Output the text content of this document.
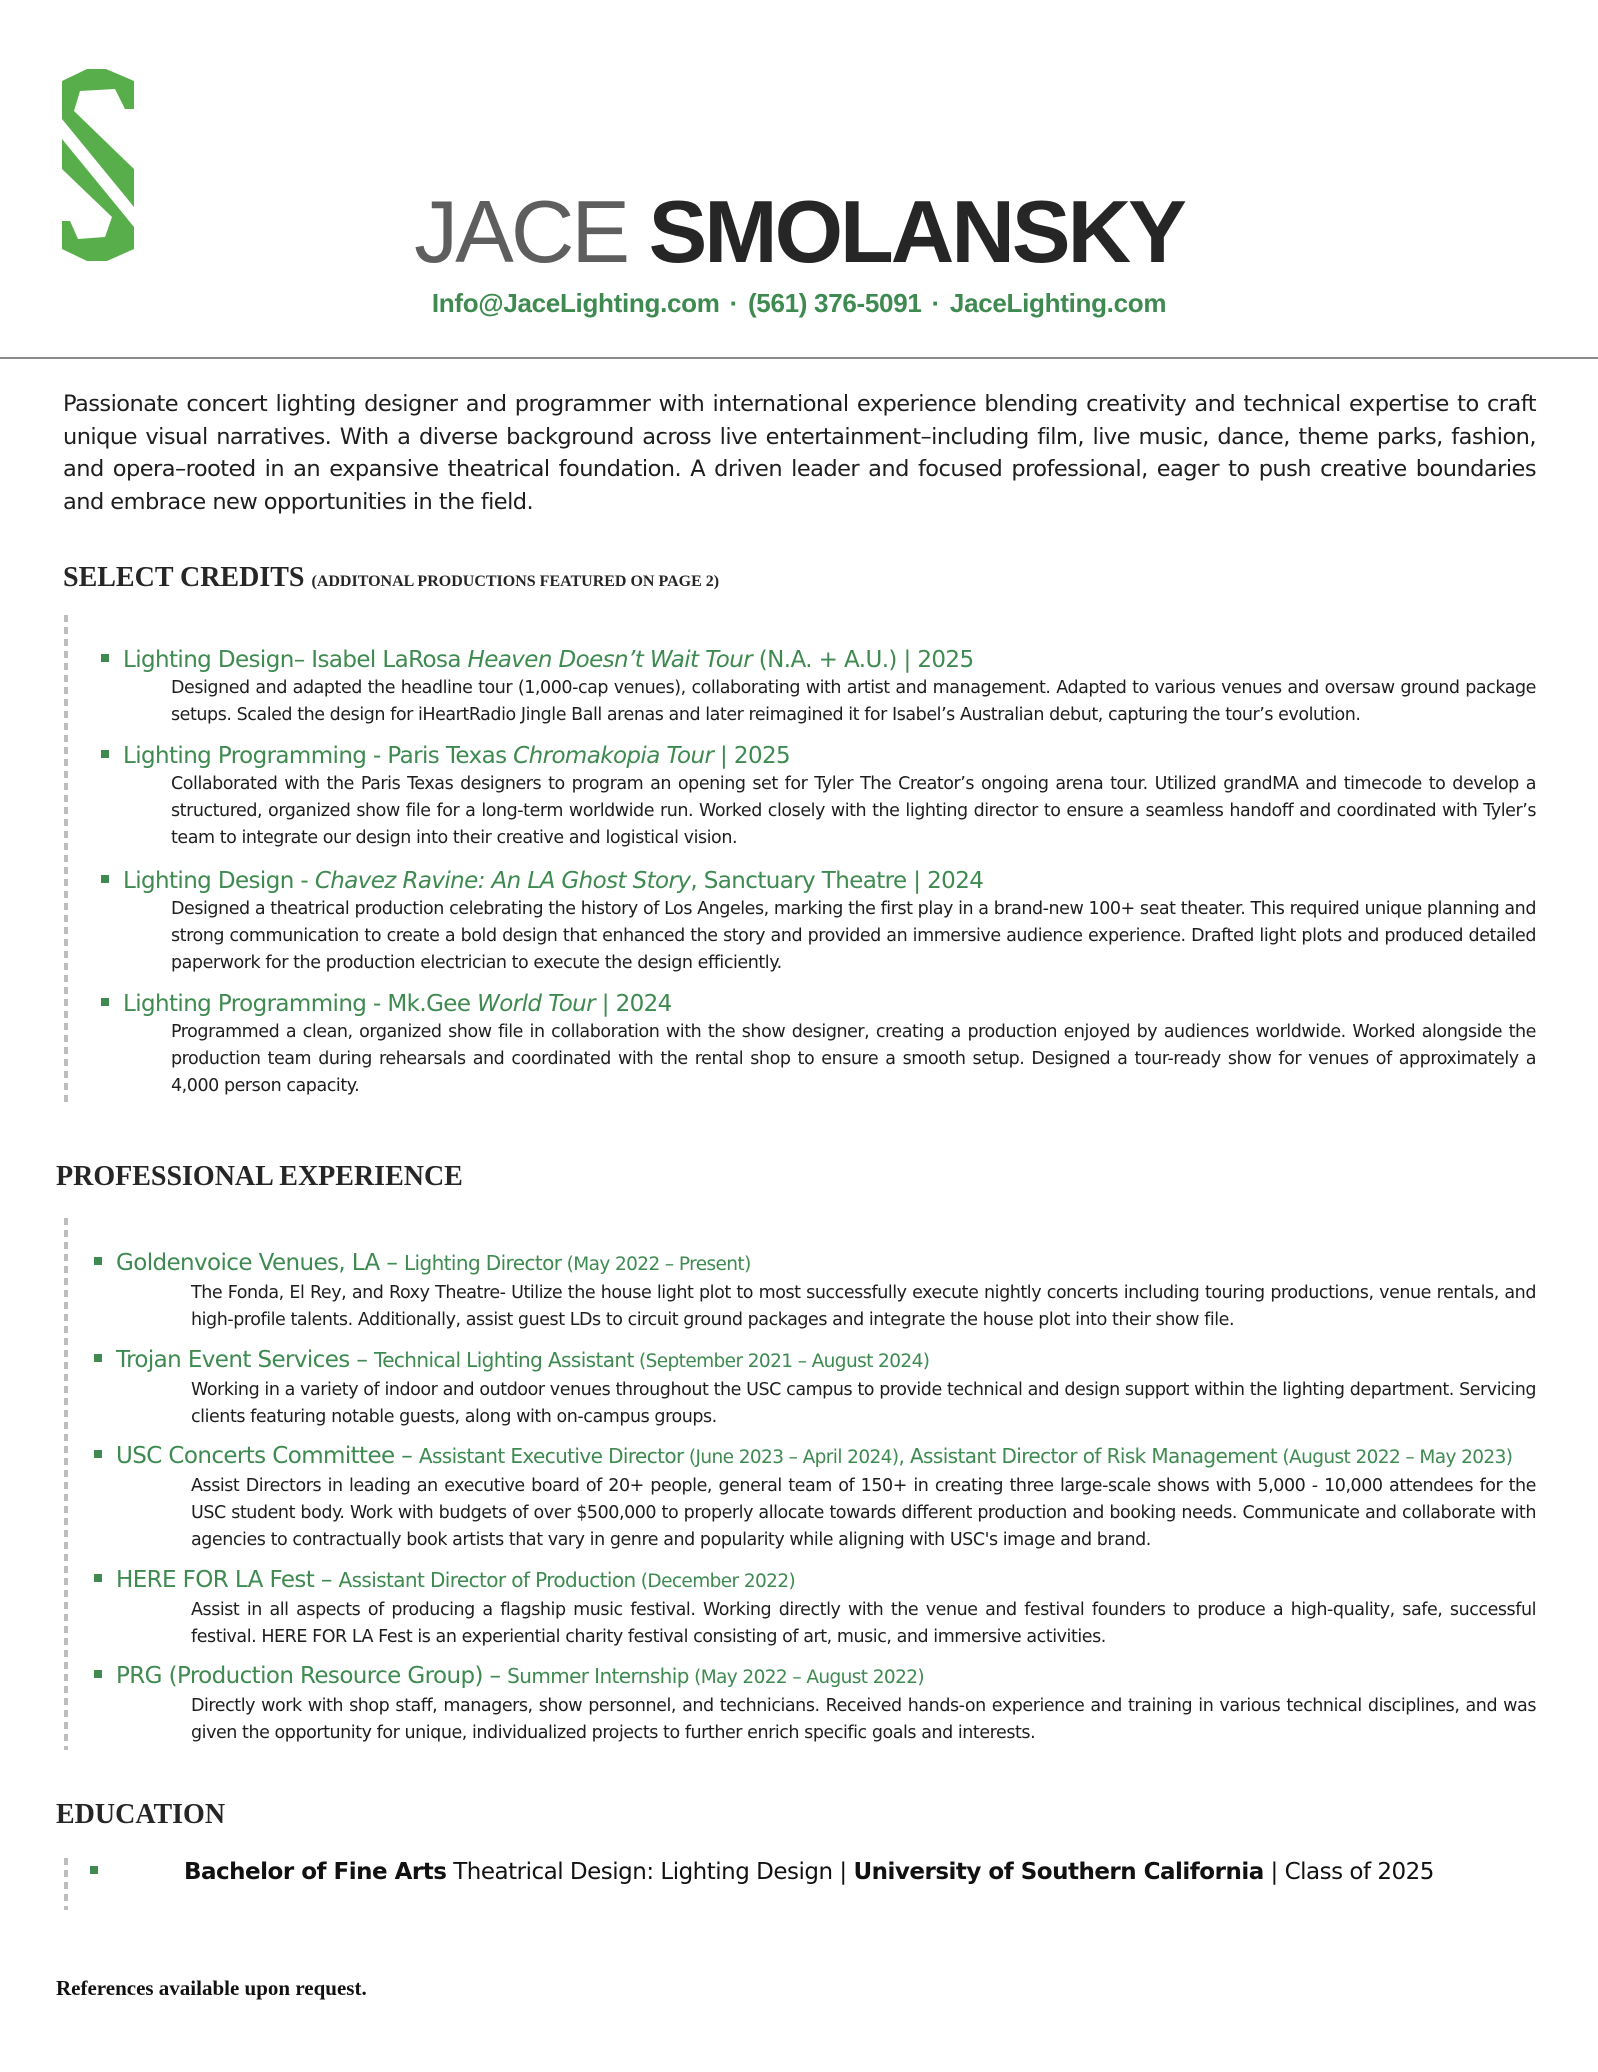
JACE SMOLANSKY
Info@JaceLighting.com · (561) 376-5091 · JaceLighting.com
Passionate concert lighting designer and programmer with international experience blending creativity and technical expertise to craft unique visual narratives. With a diverse background across live entertainment–including film, live music, dance, theme parks, fashion, and opera–rooted in an expansive theatrical foundation. A driven leader and focused professional, eager to push creative boundaries and embrace new opportunities in the field.
SELECT CREDITS (ADDITONAL PRODUCTIONS FEATURED ON PAGE 2)
Lighting Design– Isabel LaRosa Heaven Doesn’t Wait Tour (N.A. + A.U.) | 2025
Designed and adapted the headline tour (1,000-cap venues), collaborating with artist and management. Adapted to various venues and oversaw ground package setups. Scaled the design for iHeartRadio Jingle Ball arenas and later reimagined it for Isabel’s Australian debut, capturing the tour’s evolution.
Lighting Programming - Paris Texas Chromakopia Tour | 2025
Collaborated with the Paris Texas designers to program an opening set for Tyler The Creator’s ongoing arena tour. Utilized grandMA and timecode to develop a structured, organized show file for a long-term worldwide run. Worked closely with the lighting director to ensure a seamless handoff and coordinated with Tyler’s team to integrate our design into their creative and logistical vision.
Lighting Design - Chavez Ravine: An LA Ghost Story, Sanctuary Theatre | 2024
Designed a theatrical production celebrating the history of Los Angeles, marking the first play in a brand-new 100+ seat theater. This required unique planning and strong communication to create a bold design that enhanced the story and provided an immersive audience experience. Drafted light plots and produced detailed paperwork for the production electrician to execute the design efficiently.
Lighting Programming - Mk.Gee World Tour | 2024
Programmed a clean, organized show file in collaboration with the show designer, creating a production enjoyed by audiences worldwide. Worked alongside the production team during rehearsals and coordinated with the rental shop to ensure a smooth setup. Designed a tour-ready show for venues of approximately a 4,000 person capacity.
PROFESSIONAL EXPERIENCE
Goldenvoice Venues, LA – Lighting Director (May 2022 – Present)
The Fonda, El Rey, and Roxy Theatre- Utilize the house light plot to most successfully execute nightly concerts including touring productions, venue rentals, and high-profile talents. Additionally, assist guest LDs to circuit ground packages and integrate the house plot into their show file.
Trojan Event Services – Technical Lighting Assistant (September 2021 – August 2024)
Working in a variety of indoor and outdoor venues throughout the USC campus to provide technical and design support within the lighting department. Servicing clients featuring notable guests, along with on-campus groups.
USC Concerts Committee – Assistant Executive Director (June 2023 – April 2024), Assistant Director of Risk Management (August 2022 – May 2023)
Assist Directors in leading an executive board of 20+ people, general team of 150+ in creating three large-scale shows with 5,000 - 10,000 attendees for the USC student body. Work with budgets of over $500,000 to properly allocate towards different production and booking needs. Communicate and collaborate with agencies to contractually book artists that vary in genre and popularity while aligning with USC's image and brand.
HERE FOR LA Fest – Assistant Director of Production (December 2022)
Assist in all aspects of producing a flagship music festival. Working directly with the venue and festival founders to produce a high-quality, safe, successful festival. HERE FOR LA Fest is an experiential charity festival consisting of art, music, and immersive activities.
PRG (Production Resource Group) – Summer Internship (May 2022 – August 2022)
Directly work with shop staff, managers, show personnel, and technicians. Received hands-on experience and training in various technical disciplines, and was given the opportunity for unique, individualized projects to further enrich specific goals and interests.
EDUCATION
Bachelor of Fine Arts Theatrical Design: Lighting Design | University of Southern California | Class of 2025
References available upon request.
